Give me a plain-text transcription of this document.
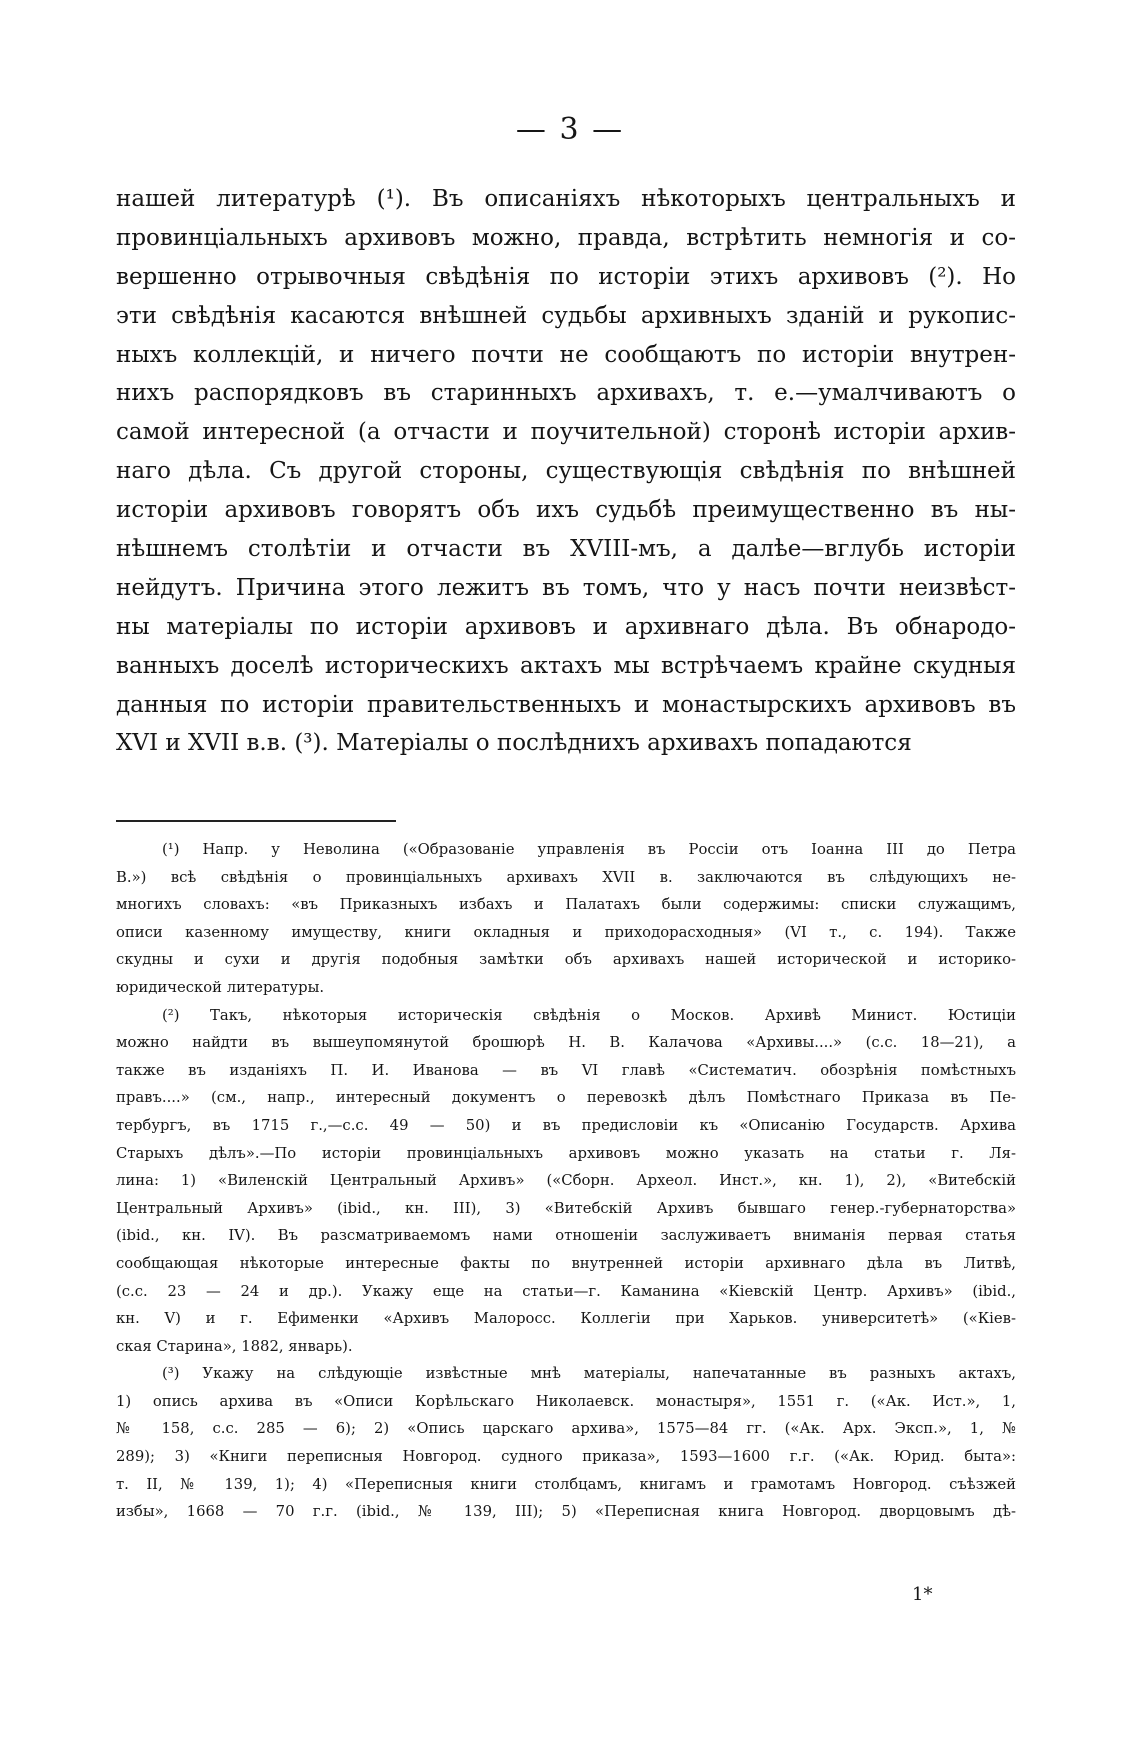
— 3 —
нашей литературѣ (¹). Въ описаніяхъ нѣкоторыхъ центральныхъ и
провинціальныхъ архивовъ можно, правда, встрѣтить немногія и со-
вершенно отрывочныя свѣдѣнія по исторіи этихъ архивовъ (²). Но
эти свѣдѣнія касаются внѣшней судьбы архивныхъ зданій и рукопис-
ныхъ коллекцій, и ничего почти не сообщаютъ по исторіи внутрен-
нихъ распорядковъ въ старинныхъ архивахъ, т. е.—умалчиваютъ о
самой интересной (а отчасти и поучительной) сторонѣ исторіи архив-
наго дѣла. Съ другой стороны, существующія свѣдѣнія по внѣшней
исторіи архивовъ говорятъ объ ихъ судьбѣ преимущественно въ ны-
нѣшнемъ столѣтіи и отчасти въ XVIII-мъ, а далѣе—вглубь исторіи
нейдутъ. Причина этого лежитъ въ томъ, что у насъ почти неизвѣст-
ны матеріалы по исторіи архивовъ и архивнаго дѣла. Въ обнародо-
ванныхъ доселѣ историческихъ актахъ мы встрѣчаемъ крайне скудныя
данныя по исторіи правительственныхъ и монастырскихъ архивовъ въ
XVI и XVII в.в. (³). Матеріалы о послѣднихъ архивахъ попадаются
(¹) Напр. у Неволина («Образованіе управленія въ Россіи отъ Іоанна III до Петра
В.») всѣ свѣдѣнія о провинціальныхъ архивахъ XVII в. заключаются въ слѣдующихъ не-
многихъ словахъ: «въ Приказныхъ избахъ и Палатахъ были содержимы: списки служащимъ,
описи казенному имуществу, книги окладныя и приходорасходныя» (VI т., с. 194). Также
скудны и сухи и другія подобныя замѣтки объ архивахъ нашей исторической и историко-
юридической литературы.
(²) Такъ, нѣкоторыя историческія свѣдѣнія о Москов. Архивѣ Минист. Юстиціи
можно найдти въ вышеупомянутой брошюрѣ Н. В. Калачова «Архивы....» (с.с. 18—21), а
также въ изданіяхъ П. И. Иванова — въ VI главѣ «Систематич. обозрѣнія помѣстныхъ
правъ....» (см., напр., интересный документъ о перевозкѣ дѣлъ Помѣстнаго Приказа въ Пе-
тербургъ, въ 1715 г.,—с.с. 49 — 50) и въ предисловіи къ «Описанію Государств. Архива
Старыхъ дѣлъ».—По исторіи провинціальныхъ архивовъ можно указать на статьи г. Ля-
лина: 1) «Виленскій Центральный Архивъ» («Сборн. Археол. Инст.», кн. 1), 2), «Витебскій
Центральный Архивъ» (ibid., кн. III), 3) «Витебскій Архивъ бывшаго генер.-губернаторства»
(ibid., кн. IV). Въ разсматриваемомъ нами отношеніи заслуживаетъ вниманія первая статья
сообщающая нѣкоторые интересные факты по внутренней исторіи архивнаго дѣла въ Литвѣ,
(с.с. 23 — 24 и др.). Укажу еще на статьи—г. Каманина «Кіевскій Центр. Архивъ» (ibid.,
кн. V) и г. Ефименки «Архивъ Малоросс. Коллегіи при Харьков. университетѣ» («Кіев-
ская Старина», 1882, январь).
(³) Укажу на слѣдующіе извѣстные мнѣ матеріалы, напечатанные въ разныхъ актахъ,
1) опись архива въ «Описи Корѣльскаго Николаевск. монастыря», 1551 г. («Ак. Ист.», 1,
№ 158, с.с. 285 — 6); 2) «Опись царскаго архива», 1575—84 гг. («Ак. Арх. Эксп.», 1, №
289); 3) «Книги переписныя Новгород. судного приказа», 1593—1600 г.г. («Ак. Юрид. быта»:
т. II, № 139, 1); 4) «Переписныя книги столбцамъ, книгамъ и грамотамъ Новгород. съѣзжей
избы», 1668 — 70 г.г. (ibid., № 139, III); 5) «Переписная книга Новгород. дворцовымъ дѣ-
1*
